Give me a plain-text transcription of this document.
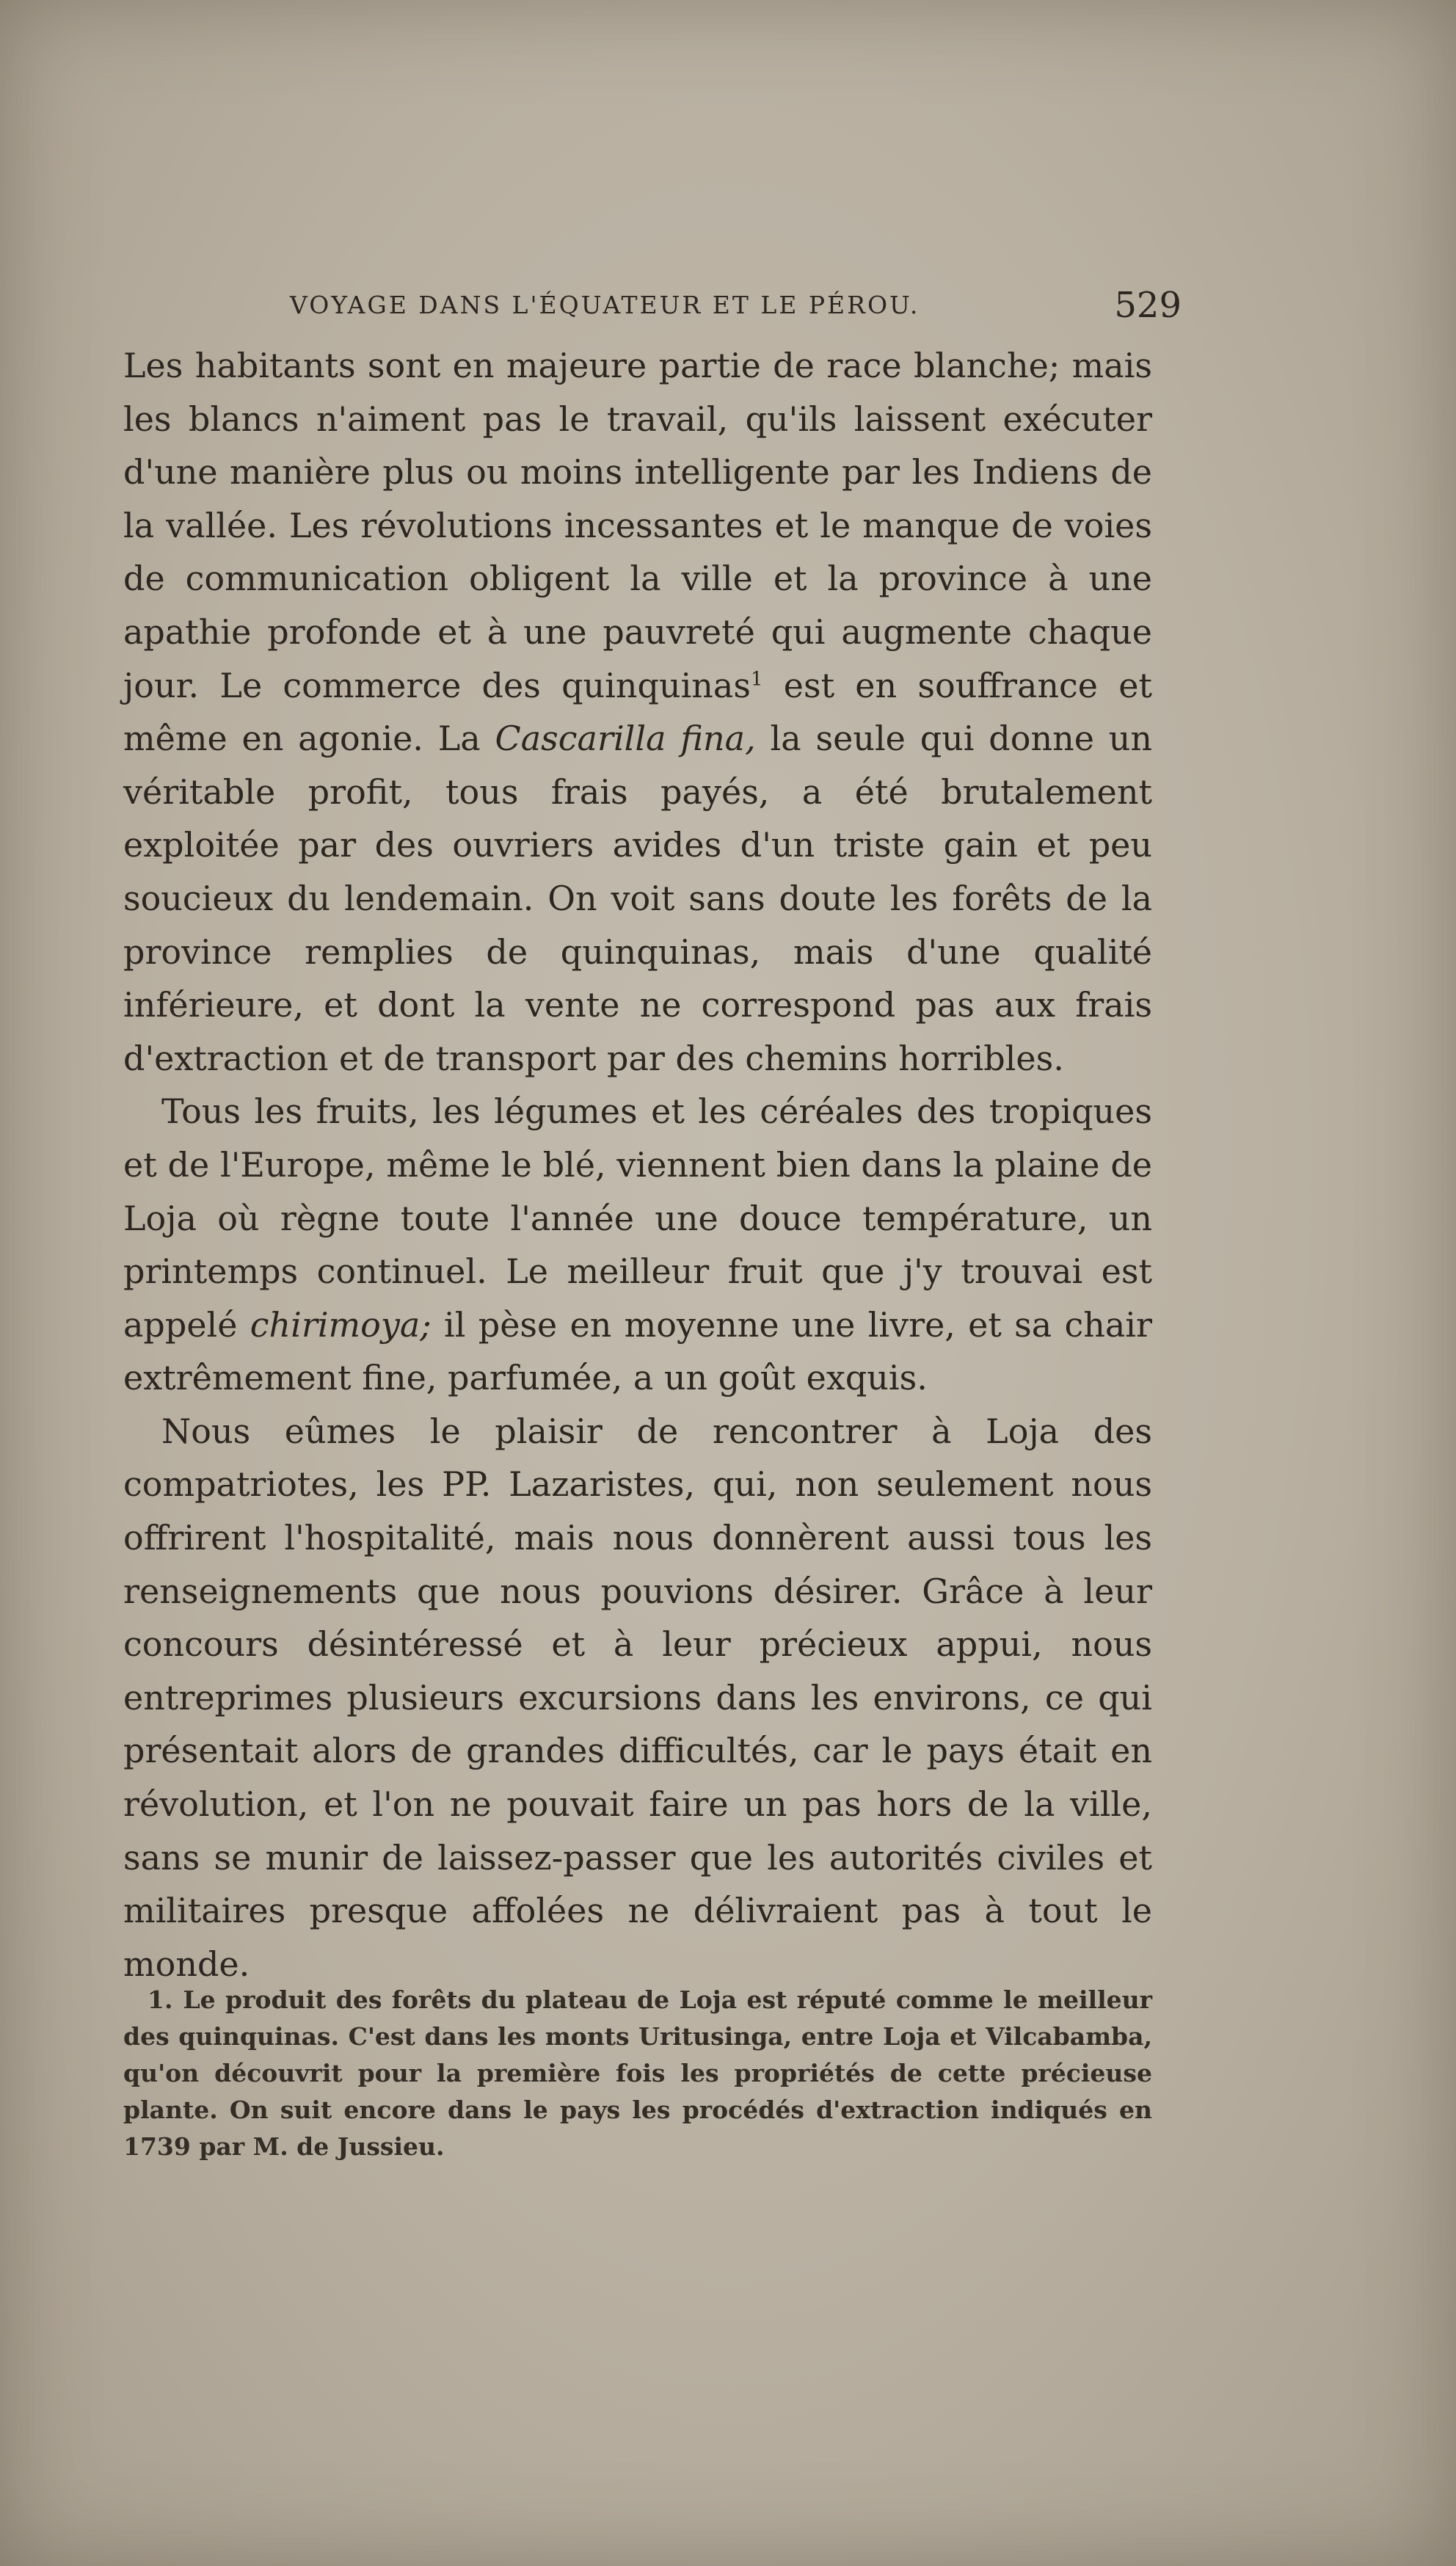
VOYAGE DANS L'ÉQUATEUR ET LE PÉROU.	529

Les habitants sont en majeure partie de race blanche; mais les blancs n'aiment pas le travail, qu'ils laissent exécuter d'une manière plus ou moins intelligente par les Indiens de la vallée. Les révolutions incessantes et le manque de voies de communication obligent la ville et la province à une apathie profonde et à une pauvreté qui augmente chaque jour. Le commerce des quinquinas$^1$ est en souffrance et même en agonie. La Cascarilla fina, la seule qui donne un véritable profit, tous frais payés, a été brutalement exploitée par des ouvriers avides d'un triste gain et peu soucieux du lendemain. On voit sans doute les forêts de la province remplies de quinquinas, mais d'une qualité inférieure, et dont la vente ne correspond pas aux frais d'extraction et de transport par des chemins horribles.

Tous les fruits, les légumes et les céréales des tropiques et de l'Europe, même le blé, viennent bien dans la plaine de Loja où règne toute l'année une douce température, un printemps continuel. Le meilleur fruit que j'y trouvai est appelé chirimoya; il pèse en moyenne une livre, et sa chair extrêmement fine, parfumée, a un goût exquis.

Nous eûmes le plaisir de rencontrer à Loja des compatriotes, les PP. Lazaristes, qui, non seulement nous offrirent l'hospitalité, mais nous donnèrent aussi tous les renseignements que nous pouvions désirer. Grâce à leur concours désintéressé et à leur précieux appui, nous entreprimes plusieurs excursions dans les environs, ce qui présentait alors de grandes difficultés, car le pays était en révolution, et l'on ne pouvait faire un pas hors de la ville, sans se munir de laissez-passer que les autorités civiles et militaires presque affolées ne délivraient pas à tout le monde.

1. Le produit des forêts du plateau de Loja est réputé comme le meilleur des quinquinas. C'est dans les monts Uritusinga, entre Loja et Vilcabamba, qu'on découvrit pour la première fois les propriétés de cette précieuse plante. On suit encore dans le pays les procédés d'extraction indiqués en 1739 par M. de Jussieu.
